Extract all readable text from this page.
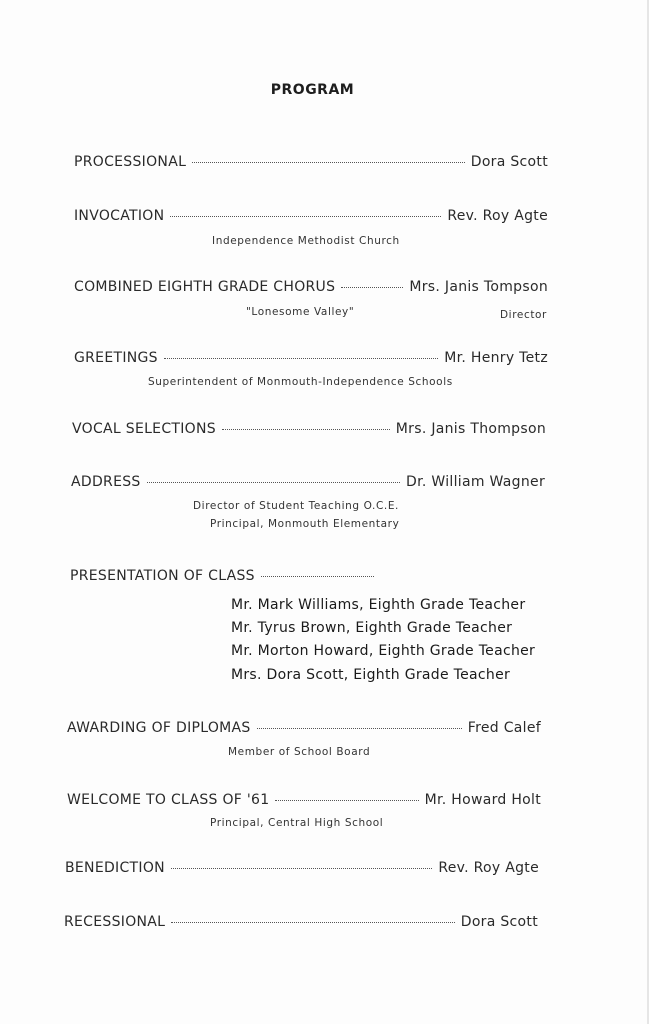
PROGRAM
PROCESSIONAL	Dora Scott
INVOCATION	Rev. Roy Agte
Independence Methodist Church
COMBINED EIGHTH GRADE CHORUS	Mrs. Janis Tompson
"Lonesome Valley"	Director
GREETINGS	Mr. Henry Tetz
Superintendent of Monmouth-Independence Schools
VOCAL SELECTIONS	Mrs. Janis Thompson
ADDRESS	Dr. William Wagner
Director of Student Teaching O.C.E.
Principal, Monmouth Elementary
PRESENTATION OF CLASS
Mr. Mark Williams, Eighth Grade Teacher
Mr. Tyrus Brown, Eighth Grade Teacher
Mr. Morton Howard, Eighth Grade Teacher
Mrs. Dora Scott, Eighth Grade Teacher
AWARDING OF DIPLOMAS	Fred Calef
Member of School Board
WELCOME TO CLASS OF '61	Mr. Howard Holt
Principal, Central High School
BENEDICTION	Rev. Roy Agte
RECESSIONAL	Dora Scott
